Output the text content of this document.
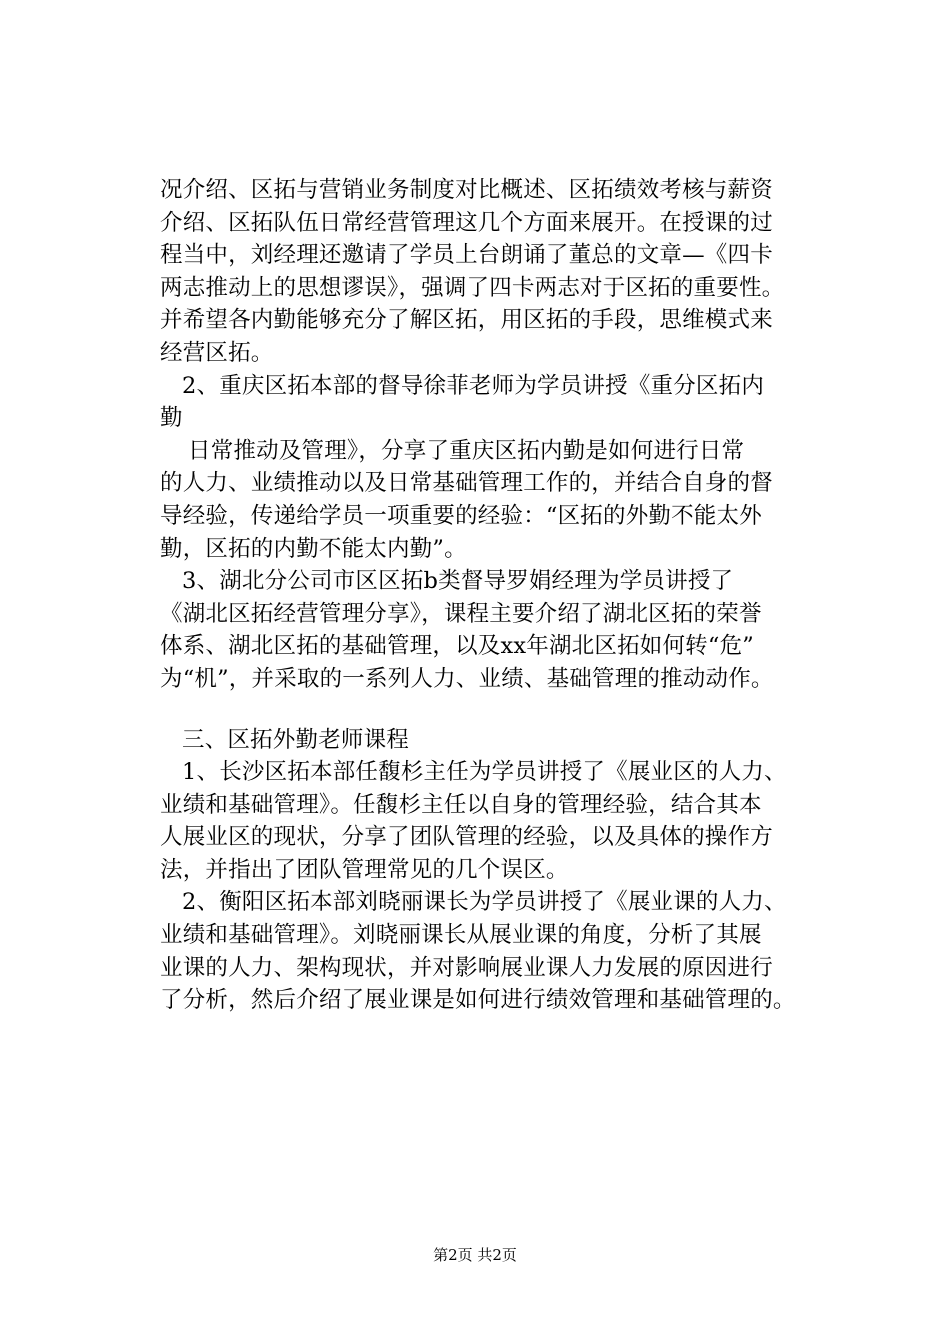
况介绍、区拓与营销业务制度对比概述、区拓绩效考核与薪资
介绍、区拓队伍日常经营管理这几个方面来展开。在授课的过
程当中，刘经理还邀请了学员上台朗诵了董总的文章—《四卡
两志推动上的思想谬误》，强调了四卡两志对于区拓的重要性。
并希望各内勤能够充分了解区拓，用区拓的手段，思维模式来
经营区拓。
2、重庆区拓本部的督导徐菲老师为学员讲授《重分区拓内
勤
日常推动及管理》，分享了重庆区拓内勤是如何进行日常
的人力、业绩推动以及日常基础管理工作的，并结合自身的督
导经验，传递给学员一项重要的经验：“区拓的外勤不能太外
勤，区拓的内勤不能太内勤”。
3、湖北分公司市区区拓b类督导罗娟经理为学员讲授了
《湖北区拓经营管理分享》，课程主要介绍了湖北区拓的荣誉
体系、湖北区拓的基础管理，以及xx年湖北区拓如何转“危”
为“机”，并采取的一系列人力、业绩、基础管理的推动动作。
三、区拓外勤老师课程
1、长沙区拓本部任馥杉主任为学员讲授了《展业区的人力、
业绩和基础管理》。任馥杉主任以自身的管理经验，结合其本
人展业区的现状，分享了团队管理的经验，以及具体的操作方
法，并指出了团队管理常见的几个误区。
2、衡阳区拓本部刘晓丽课长为学员讲授了《展业课的人力、
业绩和基础管理》。刘晓丽课长从展业课的角度，分析了其展
业课的人力、架构现状，并对影响展业课人力发展的原因进行
了分析，然后介绍了展业课是如何进行绩效管理和基础管理的。
第2页 共2页
